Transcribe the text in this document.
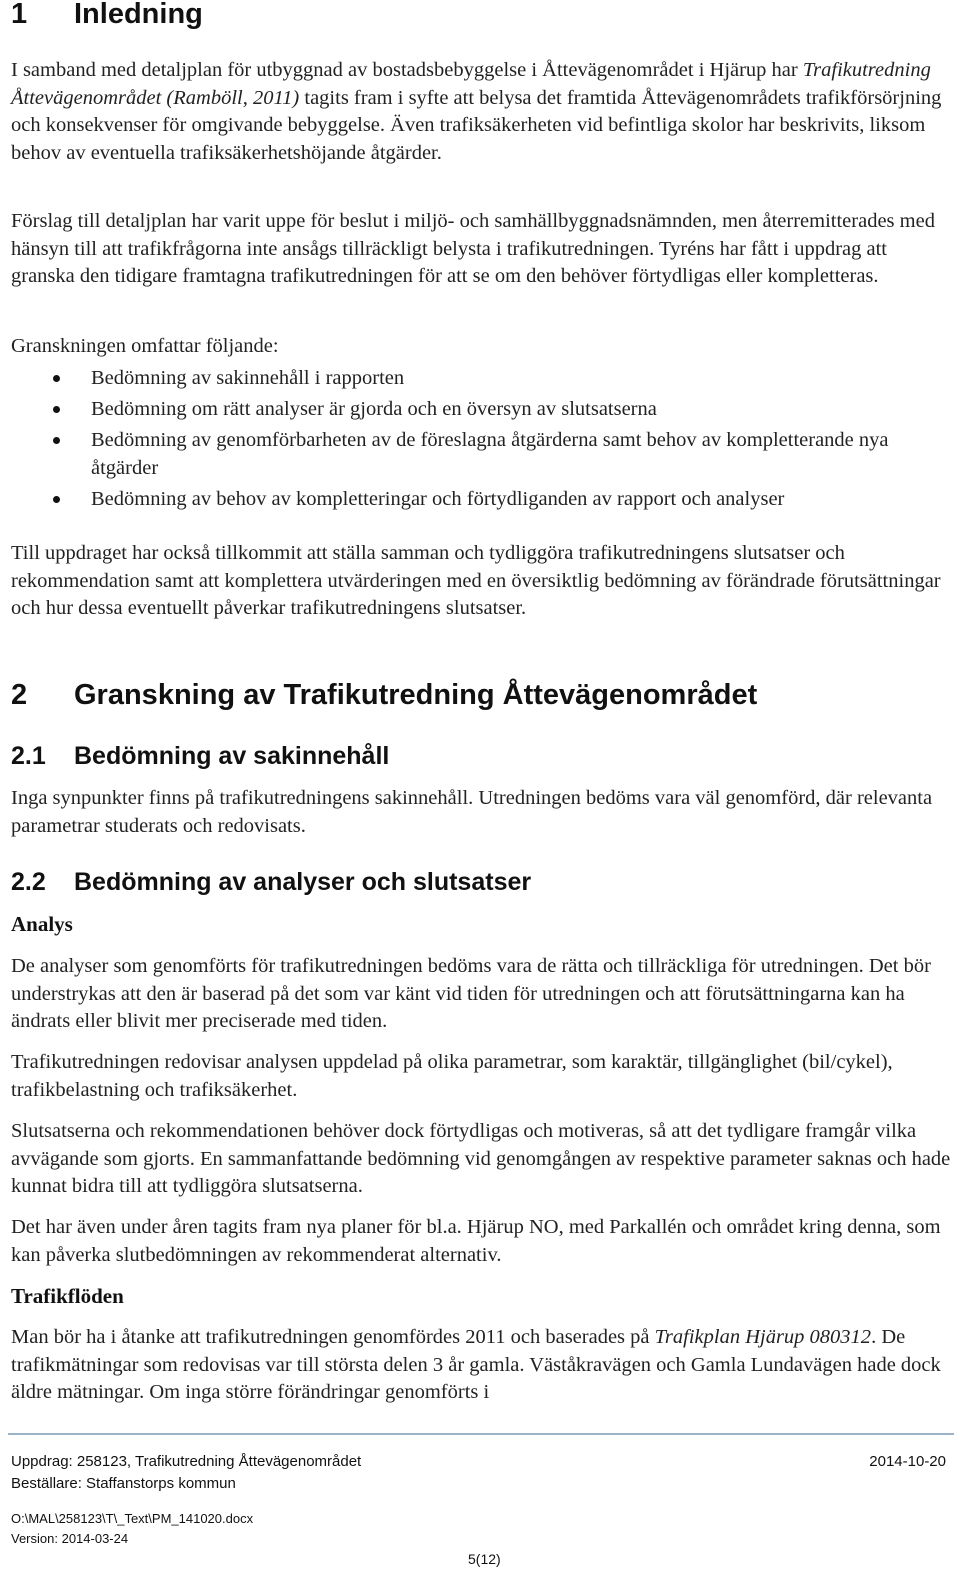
1 Inledning

I samband med detaljplan för utbyggnad av bostadsbebyggelse i Åttevägenområdet i Hjärup har Trafikutredning Åttevägenområdet (Ramböll, 2011) tagits fram i syfte att belysa det framtida Åttevägenområdets trafikförsörjning och konsekvenser för omgivande bebyggelse. Även trafiksäkerheten vid befintliga skolor har beskrivits, liksom behov av eventuella trafiksäkerhetshöjande åtgärder.

Förslag till detaljplan har varit uppe för beslut i miljö- och samhällbyggnadsnämnden, men återremitterades med hänsyn till att trafikfrågorna inte ansågs tillräckligt belysta i trafikutredningen. Tyréns har fått i uppdrag att granska den tidigare framtagna trafikutredningen för att se om den behöver förtydligas eller kompletteras.

Granskningen omfattar följande:

Bedömning av sakinnehåll i rapporten
Bedömning om rätt analyser är gjorda och en översyn av slutsatserna
Bedömning av genomförbarheten av de föreslagna åtgärderna samt behov av kompletterande nya åtgärder
Bedömning av behov av kompletteringar och förtydliganden av rapport och analyser

Till uppdraget har också tillkommit att ställa samman och tydliggöra trafikutredningens slutsatser och rekommendation samt att komplettera utvärderingen med en översiktlig bedömning av förändrade förutsättningar och hur dessa eventuellt påverkar trafikutredningens slutsatser.

2 Granskning av Trafikutredning Åttevägenområdet
2.1 Bedömning av sakinnehåll

Inga synpunkter finns på trafikutredningens sakinnehåll. Utredningen bedöms vara väl genomförd, där relevanta parametrar studerats och redovisats.

2.2 Bedömning av analyser och slutsatser
Analys

De analyser som genomförts för trafikutredningen bedöms vara de rätta och tillräckliga för utredningen. Det bör understrykas att den är baserad på det som var känt vid tiden för utredningen och att förutsättningarna kan ha ändrats eller blivit mer preciserade med tiden.

Trafikutredningen redovisar analysen uppdelad på olika parametrar, som karaktär, tillgänglighet (bil/cykel), trafikbelastning och trafiksäkerhet.

Slutsatserna och rekommendationen behöver dock förtydligas och motiveras, så att det tydligare framgår vilka avvägande som gjorts. En sammanfattande bedömning vid genomgången av respektive parameter saknas och hade kunnat bidra till att tydliggöra slutsatserna.

Det har även under åren tagits fram nya planer för bl.a. Hjärup NO, med Parkallén och området kring denna, som kan påverka slutbedömningen av rekommenderat alternativ.

Trafikflöden

Man bör ha i åtanke att trafikutredningen genomfördes 2011 och baserades på Trafikplan Hjärup 080312. De trafikmätningar som redovisas var till största delen 3 år gamla. Väståkravägen och Gamla Lundavägen hade dock äldre mätningar. Om inga större förändringar genomförts i

Uppdrag: 258123, Trafikutredning Åttevägenområdet	2014-10-20
Beställare: Staffanstorps kommun
O:\MAL\258123\T\_Text\PM_141020.docx
Version: 2014-03-24
5(12)
